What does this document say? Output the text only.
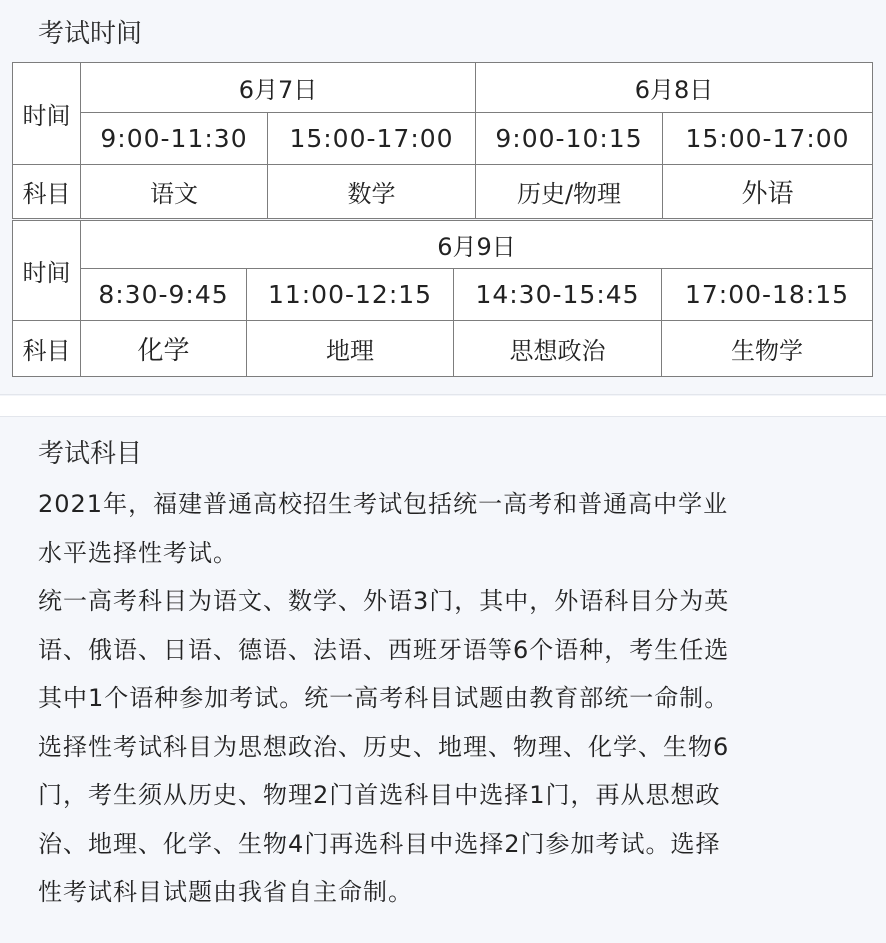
考试时间
时间	6月7日		6月8日	
	9:00-11:30	15:00-17:00	9:00-10:15	15:00-17:00
科目	语文	数学	历史/物理	外语
时间	6月9日			
	8:30-9:45	11:00-12:15	14:30-15:45	17:00-18:15
科目	化学	地理	思想政治	生物学
考试科目

2021年，福建普通高校招生考试包括统一高考和普通高中学业

水平选择性考试。

统一高考科目为语文、数学、外语3门，其中，外语科目分为英

语、俄语、日语、德语、法语、西班牙语等6个语种，考生任选

其中1个语种参加考试。统一高考科目试题由教育部统一命制。

选择性考试科目为思想政治、历史、地理、物理、化学、生物6

门，考生须从历史、物理2门首选科目中选择1门，再从思想政

治、地理、化学、生物4门再选科目中选择2门参加考试。选择

性考试科目试题由我省自主命制。
